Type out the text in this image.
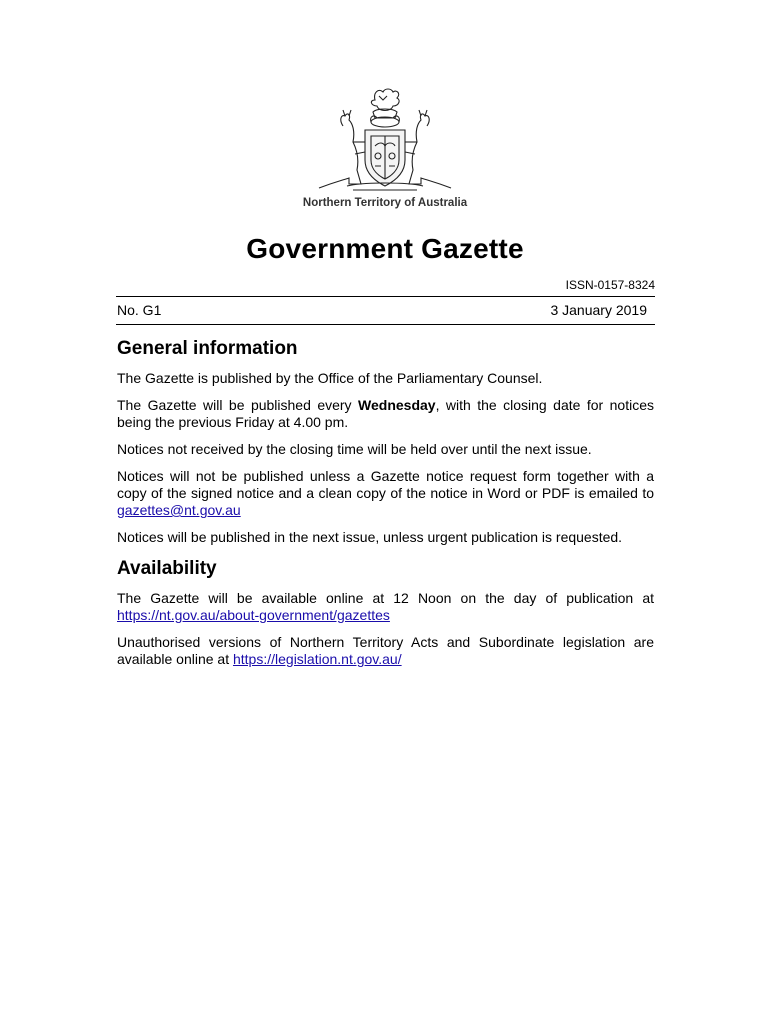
Northern Territory of Australia
Government Gazette
ISSN-0157-8324
No. G1	3 January 2019
General information

The Gazette is published by the Office of the Parliamentary Counsel.

The Gazette will be published every Wednesday, with the closing date for notices being the previous Friday at 4.00 pm.

Notices not received by the closing time will be held over until the next issue.

Notices will not be published unless a Gazette notice request form together with a copy of the signed notice and a clean copy of the notice in Word or PDF is emailed to gazettes@nt.gov.au

Notices will be published in the next issue, unless urgent publication is requested.

Availability

The Gazette will be available online at 12 Noon on the day of publication at https://nt.gov.au/about-government/gazettes

Unauthorised versions of Northern Territory Acts and Subordinate legislation are available online at https://legislation.nt.gov.au/
